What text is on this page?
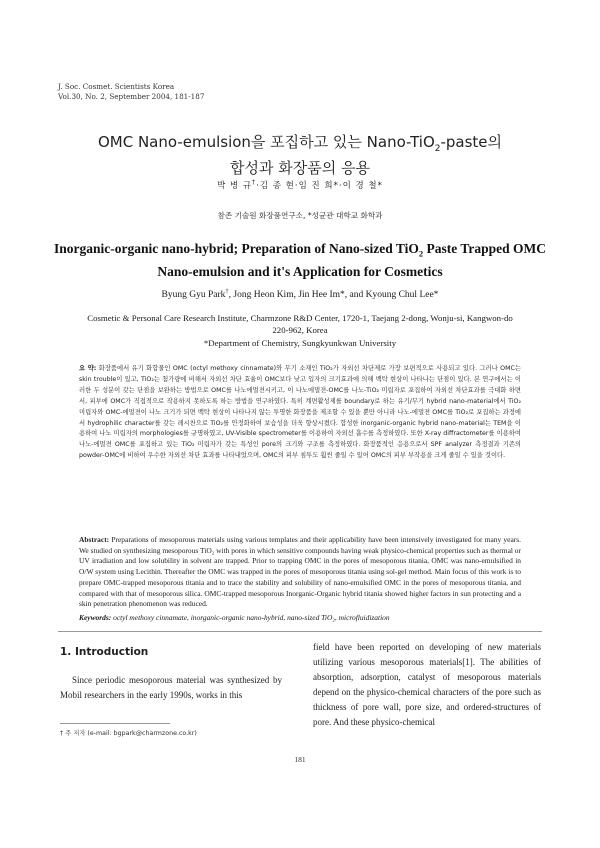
J. Soc. Cosmet. Scientists Korea
Vol.30, No. 2, September 2004, 181-187
OMC Nano-emulsion을 포집하고 있는 Nano-TiO$_2$-paste의
합성과 화장품의 응용
박 병 규†·김 종 현·임 진 희*·이 경 철*
참존 기술원 화장품연구소, *성균관 대학교 화학과
Inorganic-organic nano-hybrid; Preparation of Nano-sized TiO$_2$ Paste Trapped OMC
Nano-emulsion and it's Application for Cosmetics
Byung Gyu Park†, Jong Heon Kim, Jin Hee Im*, and Kyoung Chul Lee*
Cosmetic & Personal Care Research Institute, Charmzone R&D Center, 1720-1, Taejang 2-dong, Wonju-si, Kangwon-do
220-962, Korea
*Department of Chemistry, Sungkyunkwan University
요 약: 화장품에서 유기 화합물인 OMC (octyl methoxy cinnamate)와 무기 소재인 TiO₂가 자외선 차단제로 가장 보편적으로 사용되고 있다. 그러나 OMC는 skin trouble이 있고, TiO₂는 첨가량에 비해서 자외선 차단 효율이 OMC보다 낮고 입자의 크기효과에 의해 백탁 현상이 나타나는 단점이 있다. 본 연구에서는 이러한 두 성분이 갖는 단점을 보완하는 방법으로 OMC를 나노에멀젼시키고, 이 나노에멀젼-OMC를 나노-TiO₂ 미립자로 포집하여 자외선 차단효과를 극대화 하면서, 피부에 OMC가 직접적으로 작용하지 못하도록 하는 방법을 연구하였다. 특히 계면활성제를 boundary로 하는 유기/무기 hybrid nano-material에서 TiO₂ 미립자와 OMC-에멀젼이 나노 크기가 되면 백탁 현상이 나타나지 않는 투명한 화장품을 제조할 수 있을 뿐만 아니라 나노-에멀젼 OMC를 TiO₂로 포집하는 과정에서 hydrophilic character를 갖는 레시찬으로 TiO₂를 안정화하여 보습성을 더욱 향상시켰다. 합성한 inorganic-organic hybrid nano-material는 TEM을 이용하여 나노 미립자의 morphologies를 규명하였고, UV-Visible spectrometer를 이용하여 자외선 흡수를 측정하였다. 또한 X-ray diffractometer를 이용하여 나노-에멀젼 OMC를 포집하고 있는 TiO₂ 미립자가 갖는 특성인 pore의 크기와 구조를 측정하였다. 화장품적인 응용으로서 SPF analyzer 측정결과 기존의 powder-OMC에 비하여 우수한 자외선 차단 효과를 나타내었으며, OMC의 피부 침투도 훨씬 줄일 수 있어 OMC의 피부 부작용을 크게 줄일 수 있을 것이다.
Abstract: Preparations of mesoporous materials using various templates and their applicability have been intensively investigated for many years. We studied on synthesizing mesoporous TiO₂ with pores in which sensitive compounds having weak physico-chemical properties such as thermal or UV irradiation and low solubility in solvent are trapped. Prior to trapping OMC in the pores of mesoporous titania, OMC was nano-emulsified in O/W system using Lecithin. Thereafter the OMC was trapped in the pores of mesoporous titania using sol-gel method. Main focus of this work is to prepare OMC-trapped mesoporous titania and to trace the stability and solubility of nano-emulsified OMC in the pores of mesoporous titania, and compared with that of mesoporous silica. OMC-trapped mesoporous Inorganic-Organic hybrid titania showed higher factors in sun protecting and a skin penetration phenomenon was reduced.
Keywords: octyl methoxy cinnamate, inorganic-organic nano-hybrid, nano-sized TiO₂, microfluidization
1. Introduction
Since periodic mesoporous material was synthesized by Mobil researchers in the early 1990s, works in this
field have been reported on developing of new materials utilizing various mesoporous materials[1]. The abilities of absorption, adsorption, catalyst of mesoporous materials depend on the physico-chemical characters of the pore such as thickness of pore wall, pore size, and ordered-structures of pore. And these physico-chemical
† 주 저자 (e-mail: bgpark@charmzone.co.kr)
181
